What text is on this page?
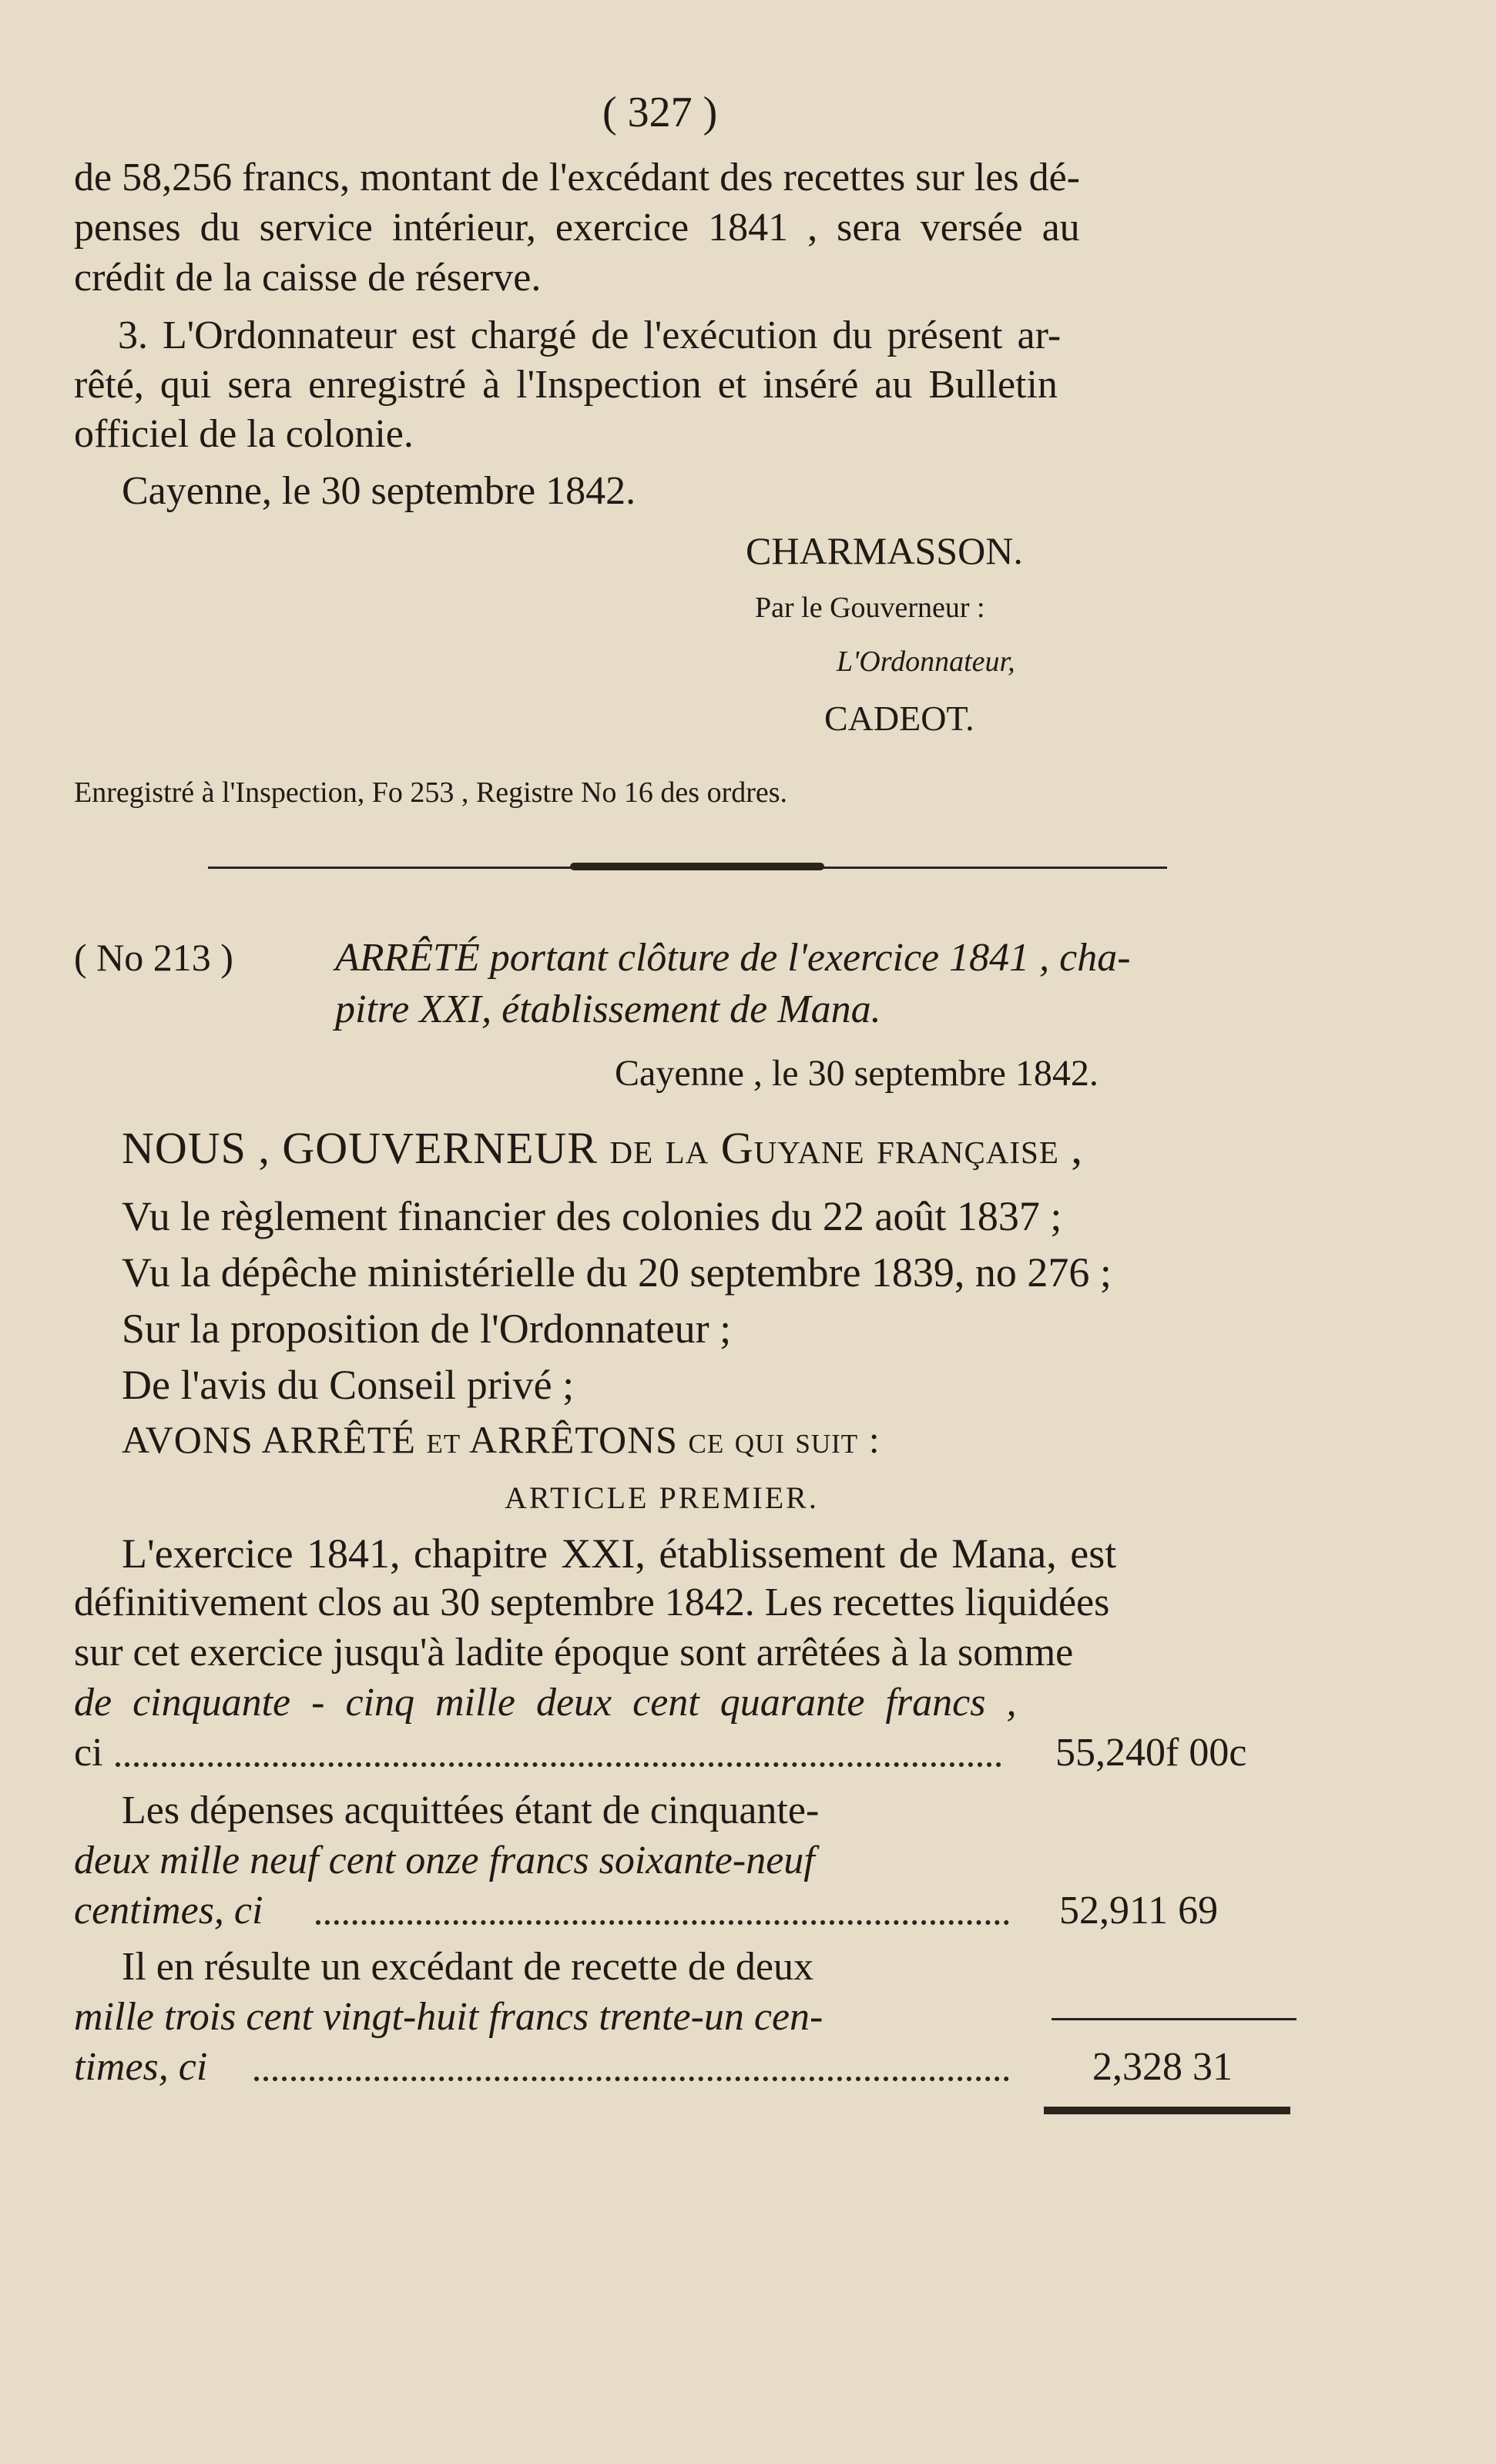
( 327 )
de 58,256 francs, montant de l'excédant des recettes sur les dé-
penses du service intérieur, exercice 1841 , sera versée au
crédit de la caisse de réserve.
3. L'Ordonnateur est chargé de l'exécution du présent ar-
rêté, qui sera enregistré à l'Inspection et inséré au Bulletin
officiel de la colonie.
Cayenne, le 30 septembre 1842.
CHARMASSON.
Par le Gouverneur :
L'Ordonnateur,
CADEOT.
Enregistré à l'Inspection, Fo 253 , Registre No 16 des ordres.
( No 213 )	ARRÊTÉ portant clôture de l'exercice 1841 , cha-
pitre XXI, établissement de Mana.
Cayenne , le 30 septembre 1842.
NOUS , GOUVERNEUR de la Guyane française ,
Vu le règlement financier des colonies du 22 août 1837 ;
Vu la dépêche ministérielle du 20 septembre 1839, no 276 ;
Sur la proposition de l'Ordonnateur ;
De l'avis du Conseil privé ;
AVONS ARRÊTÉ et ARRÊTONS ce qui suit :
ARTICLE PREMIER.
L'exercice 1841, chapitre XXI, établissement de Mana, est
définitivement clos au 30 septembre 1842. Les recettes liquidées
sur cet exercice jusqu'à ladite époque sont arrêtées à la somme
de cinquante - cinq mille deux cent quarante francs ,
ci	55,240f 00c
Les dépenses acquittées étant de cinquante-
deux mille neuf cent onze francs soixante-neuf
centimes, ci	52,911 69
Il en résulte un excédant de recette de deux
mille trois cent vingt-huit francs trente-un cen-
times, ci	2,328 31
